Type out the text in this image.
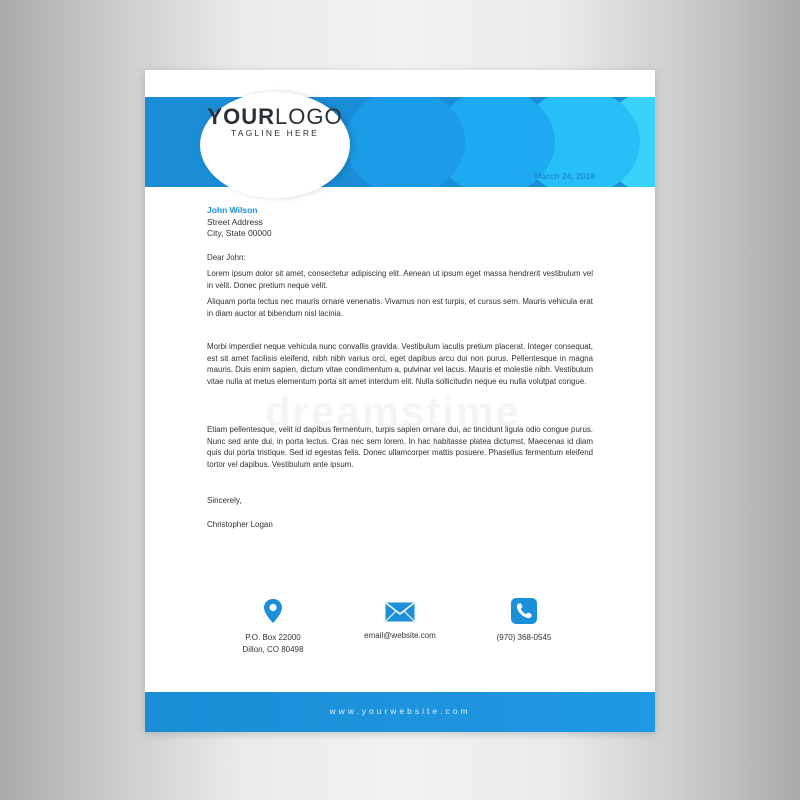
YOURLOGO
TAGLINE HERE
March 24, 2018
John Wilson
Street Address
City, State 00000
Dear John:
Lorem ipsum dolor sit amet, consectetur adipiscing elit. Aenean ut ipsum eget massa hendrerit vestibulum vel in velit. Donec pretium neque velit.
Aliquam porta lectus nec mauris ornare venenatis. Vivamus non est turpis, et cursus sem. Mauris vehicula erat in diam auctor at bibendum nisl lacinia.
Morbi imperdiet neque vehicula nunc convallis gravida. Vestibulum iaculis pretium placerat. Integer consequat, est sit amet facilisis eleifend, nibh nibh varius orci, eget dapibus arcu dui non purus. Pellentesque in magna mauris. Duis enim sapien, dictum vitae condimentum a, pulvinar vel lacus. Mauris et molestie nibh. Vestibulum vitae nulla at metus elementum porta sit amet interdum elit. Nulla sollicitudin neque eu nulla volutpat congue.
Etiam pellentesque, velit id dapibus fermentum, turpis sapien ornare dui, ac tincidunt ligula odio congue purus. Nunc sed ante dui, in porta lectus. Cras nec sem lorem. In hac habitasse platea dictumst. Maecenas id diam quis dui porta tristique. Sed id egestas felis. Donec ullamcorper mattis posuere. Phasellus fermentum eleifend tortor vel dapibus. Vestibulum ante ipsum.
Sincerely,
Christopher Logan
P.O. Box 22000
Dillon, CO 80498
email@website.com	(970) 368-0545
www.yourwebsite.com
